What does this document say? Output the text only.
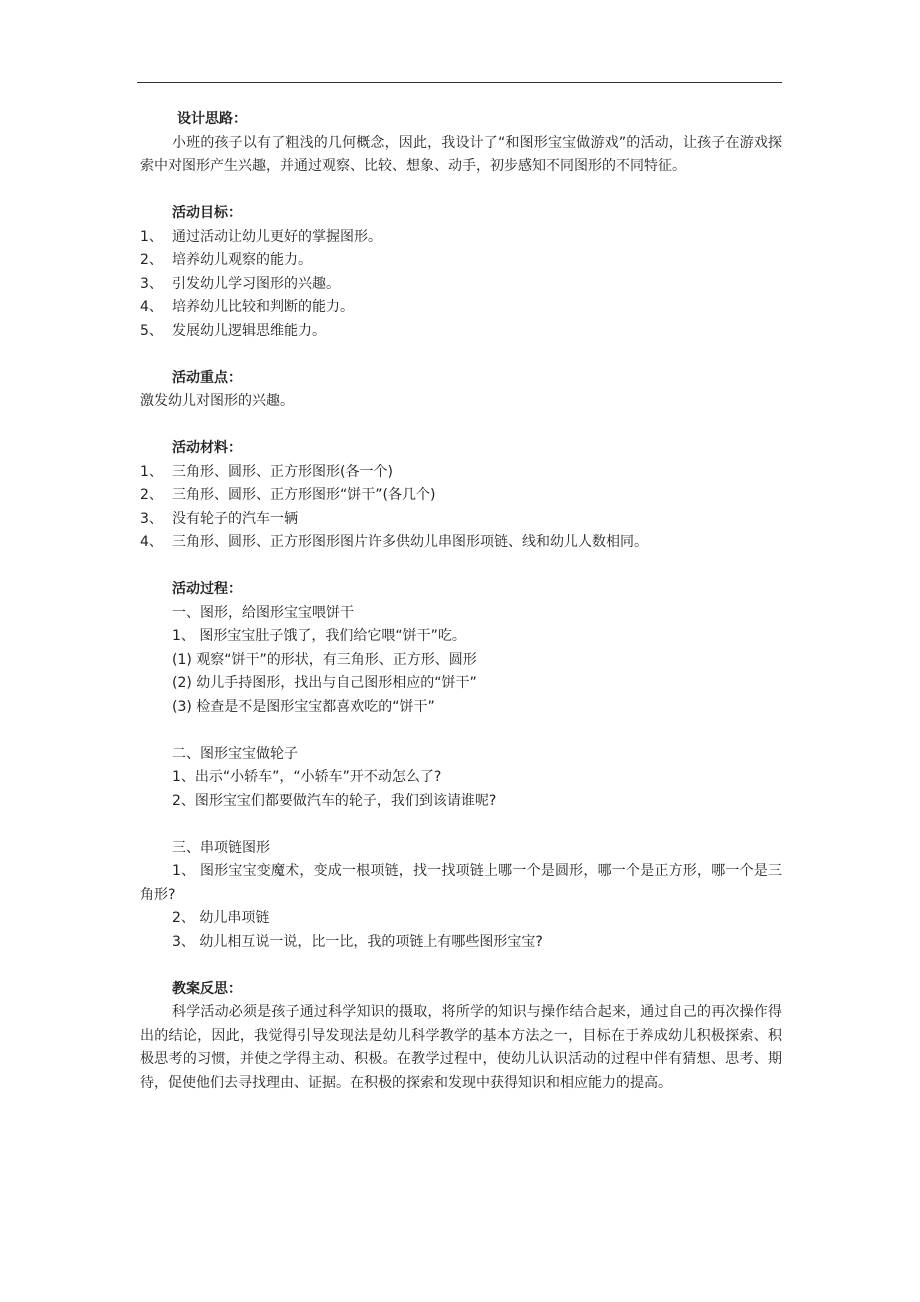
设计思路：

小班的孩子以有了粗浅的几何概念，因此，我设计了“和图形宝宝做游戏”的活动，让孩子在游戏探索中对图形产生兴趣，并通过观察、比较、想象、动手，初步感知不同图形的不同特征。

活动目标：

1、 通过活动让幼儿更好的掌握图形。

2、 培养幼儿观察的能力。

3、 引发幼儿学习图形的兴趣。

4、 培养幼儿比较和判断的能力。

5、 发展幼儿逻辑思维能力。

活动重点：

激发幼儿对图形的兴趣。

活动材料：

1、 三角形、圆形、正方形图形(各一个)

2、 三角形、圆形、正方形图形“饼干”(各几个)

3、 没有轮子的汽车一辆

4、 三角形、圆形、正方形图形图片许多供幼儿串图形项链、线和幼儿人数相同。

活动过程：

一、图形，给图形宝宝喂饼干

1、 图形宝宝肚子饿了，我们给它喂“饼干”吃。

(1) 观察“饼干”的形状，有三角形、正方形、圆形

(2) 幼儿手持图形，找出与自己图形相应的“饼干”

(3) 检查是不是图形宝宝都喜欢吃的“饼干”

二、图形宝宝做轮子

1、出示“小轿车”，“小轿车”开不动怎么了?

2、图形宝宝们都要做汽车的轮子，我们到该请谁呢?

三、串项链图形

1、 图形宝宝变魔术，变成一根项链，找一找项链上哪一个是圆形，哪一个是正方形，哪一个是三角形?

2、 幼儿串项链

3、 幼儿相互说一说，比一比，我的项链上有哪些图形宝宝?

教案反思：

科学活动必须是孩子通过科学知识的摄取，将所学的知识与操作结合起来，通过自己的再次操作得出的结论，因此，我觉得引导发现法是幼儿科学教学的基本方法之一，目标在于养成幼儿积极探索、积极思考的习惯，并使之学得主动、积极。在教学过程中，使幼儿认识活动的过程中伴有猜想、思考、期待，促使他们去寻找理由、证据。在积极的探索和发现中获得知识和相应能力的提高。
